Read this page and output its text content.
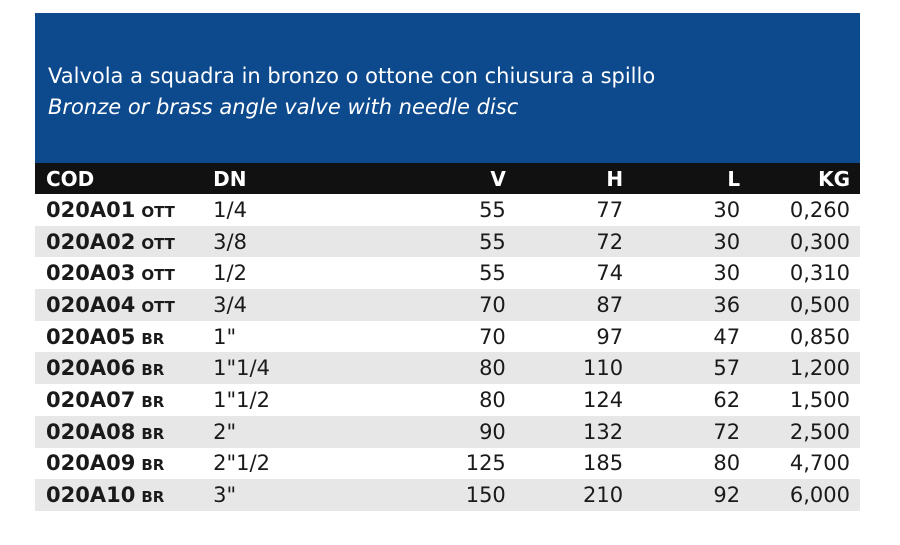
Valvola a squadra in bronzo o ottone con chiusura a spillo
Bronze or brass angle valve with needle disc
COD	DN	V	H	L	KG
020A01 OTT	1/4	55	77	30	0,260
020A02 OTT	3/8	55	72	30	0,300
020A03 OTT	1/2	55	74	30	0,310
020A04 OTT	3/4	70	87	36	0,500
020A05 BR	1"	70	97	47	0,850
020A06 BR	1"1/4	80	110	57	1,200
020A07 BR	1"1/2	80	124	62	1,500
020A08 BR	2"	90	132	72	2,500
020A09 BR	2"1/2	125	185	80	4,700
020A10 BR	3"	150	210	92	6,000
